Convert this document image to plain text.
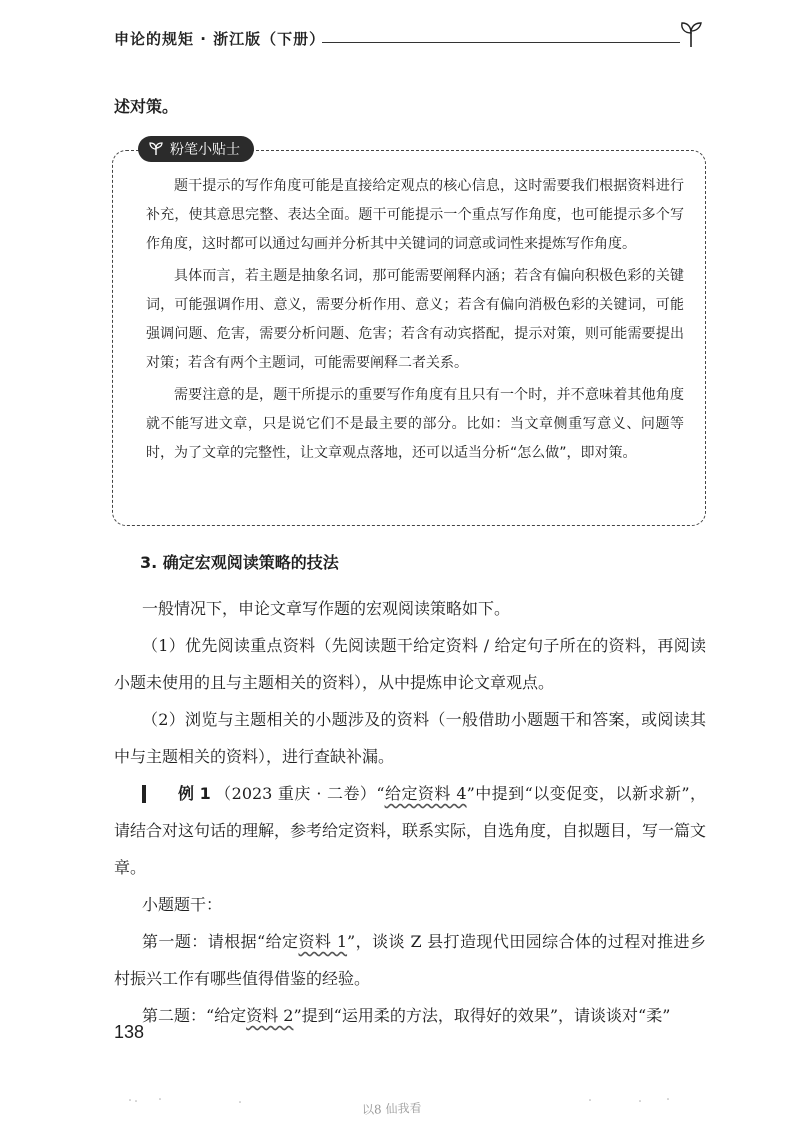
申论的规矩 · 浙江版（下册）
述对策。
粉笔小贴士

题干提示的写作角度可能是直接给定观点的核心信息，这时需要我们根据资料进行补充，使其意思完整、表达全面。题干可能提示一个重点写作角度，也可能提示多个写作角度，这时都可以通过勾画并分析其中关键词的词意或词性来提炼写作角度。

具体而言，若主题是抽象名词，那可能需要阐释内涵；若含有偏向积极色彩的关键词，可能强调作用、意义，需要分析作用、意义；若含有偏向消极色彩的关键词，可能强调问题、危害，需要分析问题、危害；若含有动宾搭配，提示对策，则可能需要提出对策；若含有两个主题词，可能需要阐释二者关系。

需要注意的是，题干所提示的重要写作角度有且只有一个时，并不意味着其他角度就不能写进文章，只是说它们不是最主要的部分。比如：当文章侧重写意义、问题等时，为了文章的完整性，让文章观点落地，还可以适当分析“怎么做”，即对策。

3. 确定宏观阅读策略的技法

一般情况下，申论文章写作题的宏观阅读策略如下。

（1）优先阅读重点资料（先阅读题干给定资料 / 给定句子所在的资料，再阅读小题未使用的且与主题相关的资料），从中提炼申论文章观点。

（2）浏览与主题相关的小题涉及的资料（一般借助小题题干和答案，或阅读其中与主题相关的资料），进行查缺补漏。

例 1 （2023 重庆 · 二卷）“给定资料 4”中提到“以变促变，以新求新”，请结合对这句话的理解，参考给定资料，联系实际，自选角度，自拟题目，写一篇文章。

小题题干：

第一题：请根据“给定资料 1”，谈谈 Z 县打造现代田园综合体的过程对推进乡村振兴工作有哪些值得借鉴的经验。

第二题：“给定资料 2”提到“运用柔的方法，取得好的效果”，请谈谈对“柔”

138
以8 仙我看
